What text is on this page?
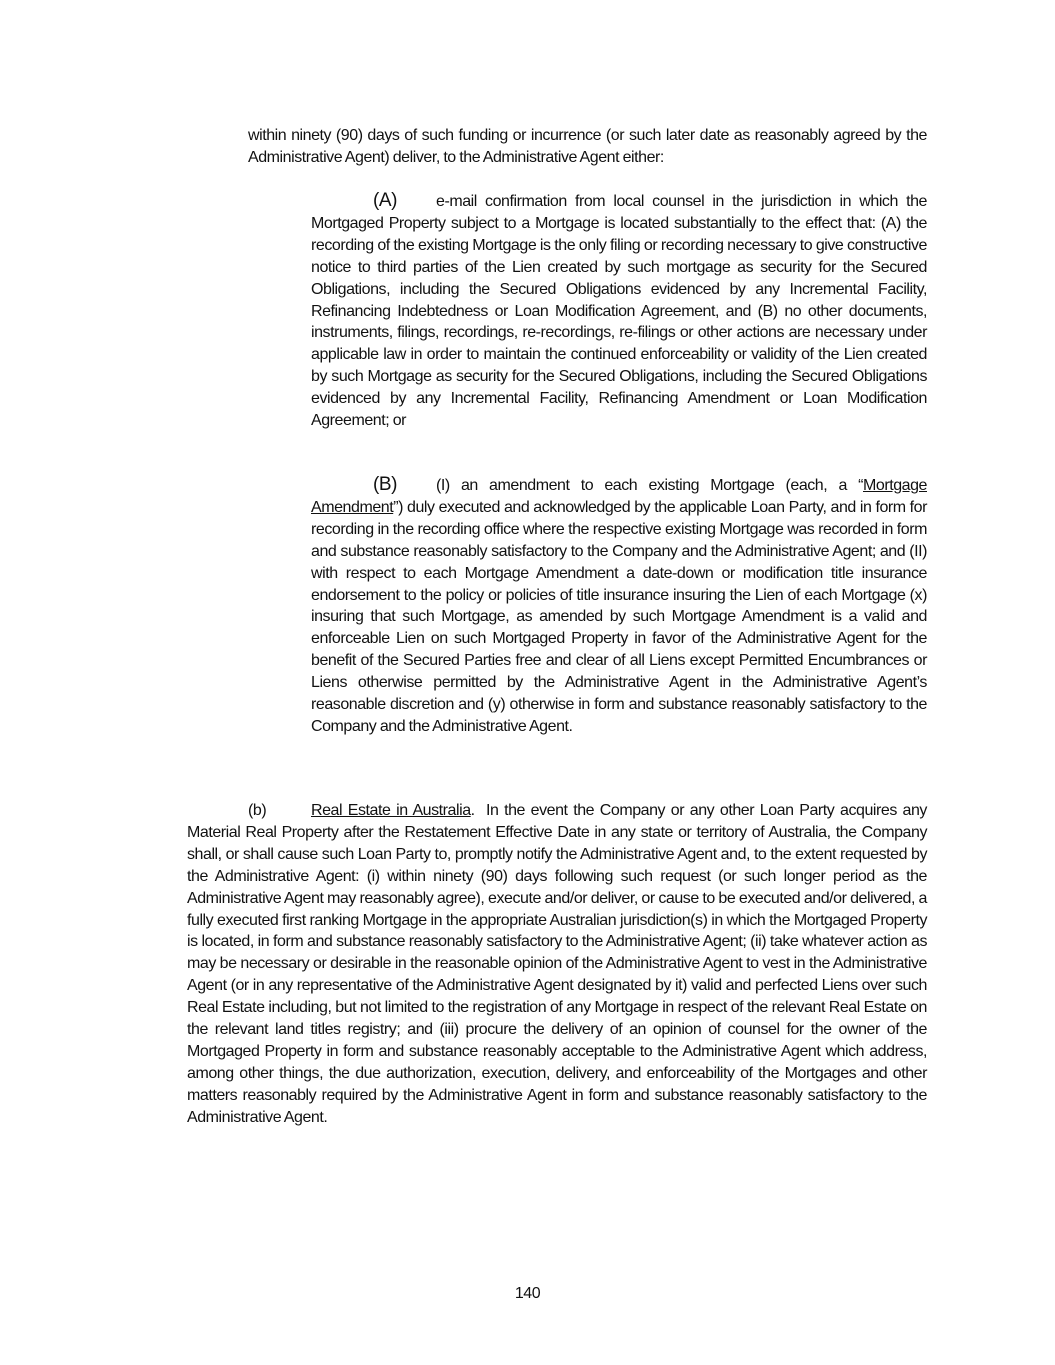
within ninety (90) days of such funding or incurrence (or such later date as reasonably agreed by the Administrative Agent) deliver, to the Administrative Agent either:

(A) e-mail confirmation from local counsel in the jurisdiction in which the Mortgaged Property subject to a Mortgage is located substantially to the effect that: (A) the recording of the existing Mortgage is the only filing or recording necessary to give constructive notice to third parties of the Lien created by such mortgage as security for the Secured Obligations, including the Secured Obligations evidenced by any Incremental Facility, Refinancing Indebtedness or Loan Modification Agreement, and (B) no other documents, instruments, filings, recordings, re-recordings, re-filings or other actions are necessary under applicable law in order to maintain the continued enforceability or validity of the Lien created by such Mortgage as security for the Secured Obligations, including the Secured Obligations evidenced by any Incremental Facility, Refinancing Amendment or Loan Modification Agreement; or

(B) (I) an amendment to each existing Mortgage (each, a “Mortgage Amendment”) duly executed and acknowledged by the applicable Loan Party, and in form for recording in the recording office where the respective existing Mortgage was recorded in form and substance reasonably satisfactory to the Company and the Administrative Agent; and (II) with respect to each Mortgage Amendment a date-down or modification title insurance endorsement to the policy or policies of title insurance insuring the Lien of each Mortgage (x) insuring that such Mortgage, as amended by such Mortgage Amendment is a valid and enforceable Lien on such Mortgaged Property in favor of the Administrative Agent for the benefit of the Secured Parties free and clear of all Liens except Permitted Encumbrances or Liens otherwise permitted by the Administrative Agent in the Administrative Agent’s reasonable discretion and (y) otherwise in form and substance reasonably satisfactory to the Company and the Administrative Agent.

(b)	Real Estate in Australia. In the event the Company or any other Loan Party acquires any Material Real Property after the Restatement Effective Date in any state or territory of Australia, the Company shall, or shall cause such Loan Party to, promptly notify the Administrative Agent and, to the extent requested by the Administrative Agent: (i) within ninety (90) days following such request (or such longer period as the Administrative Agent may reasonably agree), execute and/or deliver, or cause to be executed and/or delivered, a fully executed first ranking Mortgage in the appropriate Australian jurisdiction(s) in which the Mortgaged Property is located, in form and substance reasonably satisfactory to the Administrative Agent; (ii) take whatever action as may be necessary or desirable in the reasonable opinion of the Administrative Agent to vest in the Administrative Agent (or in any representative of the Administrative Agent designated by it) valid and perfected Liens over such Real Estate including, but not limited to the registration of any Mortgage in respect of the relevant Real Estate on the relevant land titles registry; and (iii) procure the delivery of an opinion of counsel for the owner of the Mortgaged Property in form and substance reasonably acceptable to the Administrative Agent which address, among other things, the due authorization, execution, delivery, and enforceability of the Mortgages and other matters reasonably required by the Administrative Agent in form and substance reasonably satisfactory to the Administrative Agent.

140
